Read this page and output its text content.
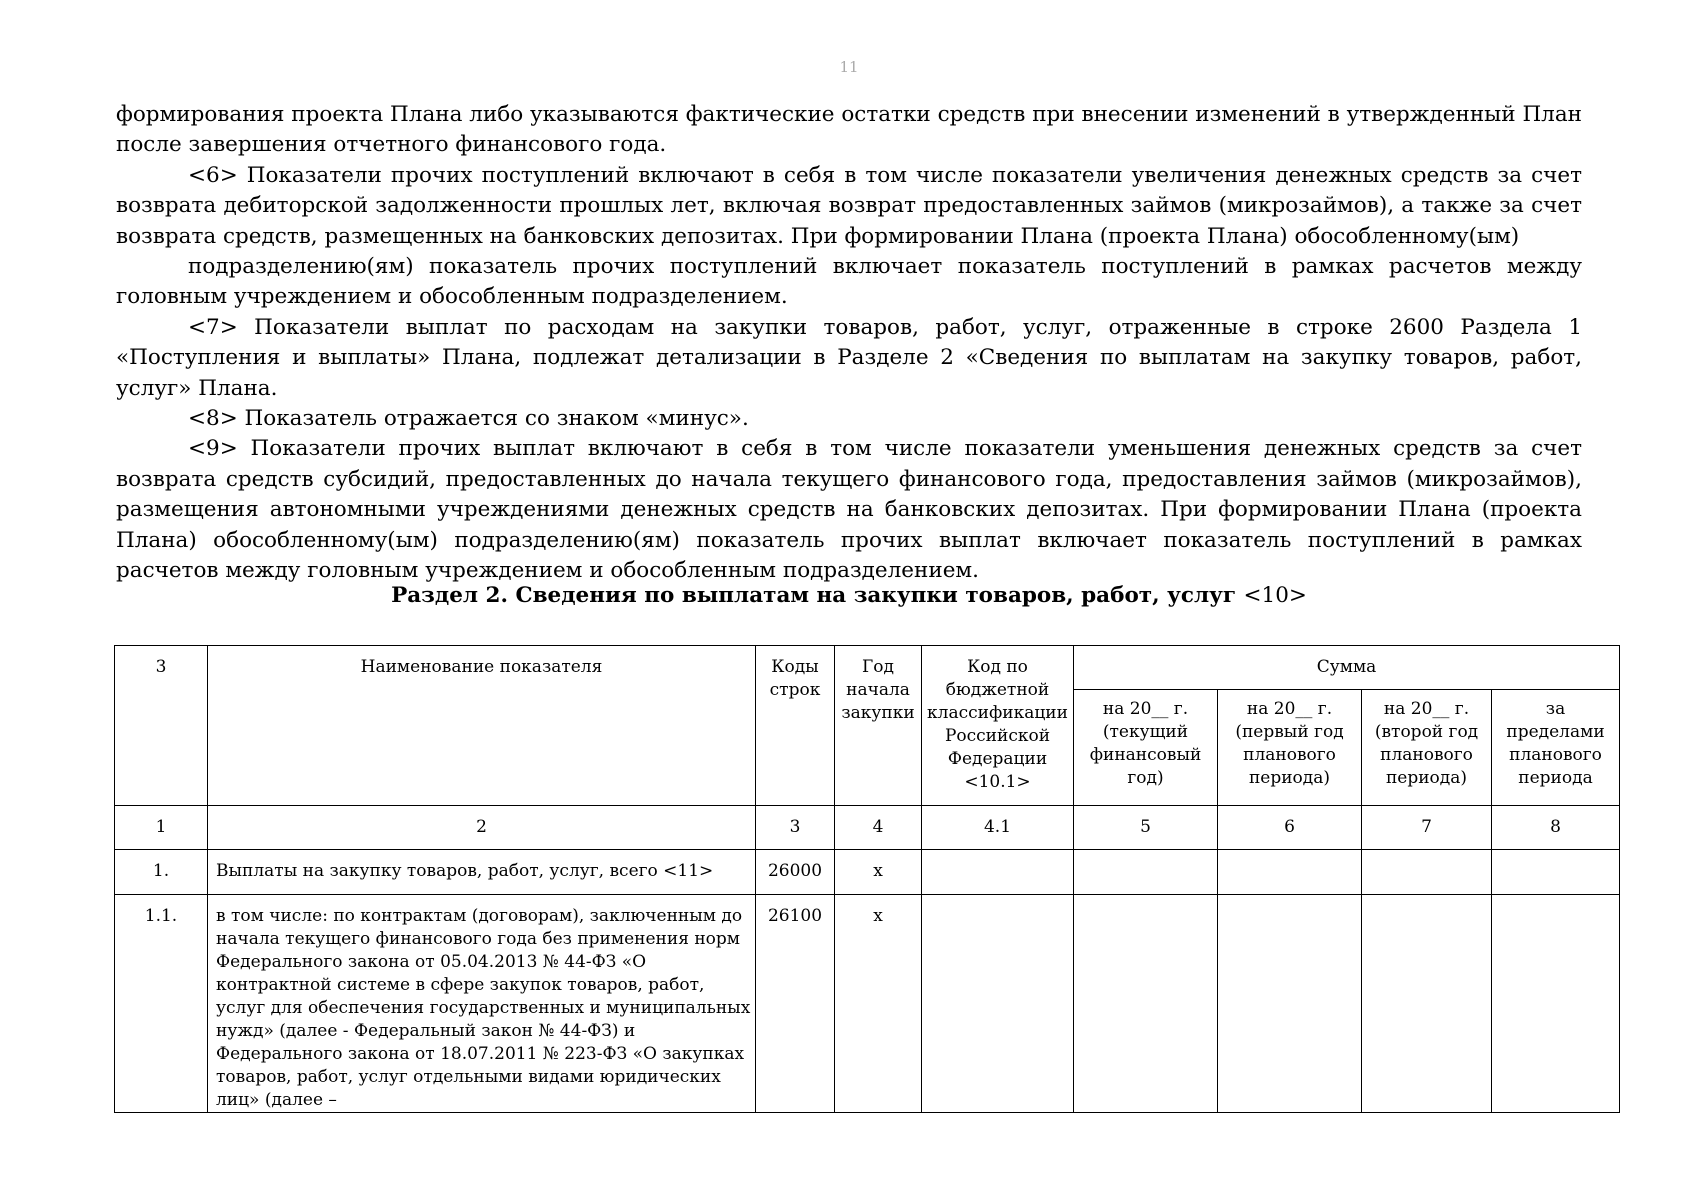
11

формирования проекта Плана либо указываются фактические остатки средств при внесении изменений в утвержденный План после завершения отчетного финансового года.

<6> Показатели прочих поступлений включают в себя в том числе показатели увеличения денежных средств за счет возврата дебиторской задолженности прошлых лет, включая возврат предоставленных займов (микрозаймов), а также за счет возврата средств, размещенных на банковских депозитах. При формировании Плана (проекта Плана) обособленному(ым)

подразделению(ям) показатель прочих поступлений включает показатель поступлений в рамках расчетов между головным учреждением и обособленным подразделением.

<7> Показатели выплат по расходам на закупки товаров, работ, услуг, отраженные в строке 2600 Раздела 1 «Поступления и выплаты» Плана, подлежат детализации в Разделе 2 «Сведения по выплатам на закупку товаров, работ, услуг» Плана.

<8> Показатель отражается со знаком «минус».

<9> Показатели прочих выплат включают в себя в том числе показатели уменьшения денежных средств за счет возврата средств субсидий, предоставленных до начала текущего финансового года, предоставления займов (микрозаймов), размещения автономными учреждениями денежных средств на банковских депозитах. При формировании Плана (проекта Плана) обособленному(ым) подразделению(ям) показатель прочих выплат включает показатель поступлений в рамках расчетов между головным учреждением и обособленным подразделением.

Раздел 2. Сведения по выплатам на закупки товаров, работ, услуг <10>
3	Наименование показателя	Коды строк	Год начала закупки	Код по бюджетной классификации Российской Федерации <10.1>	Сумма			
					на 20__ г. (текущий финансовый год)	на 20__ г. (первый год планового периода)	на 20__ г. (второй год планового периода)	за пределами планового периода
1	2	3	4	4.1	5	6	7	8
1.	Выплаты на закупку товаров, работ, услуг, всего <11>	26000	х					
1.1.	в том числе: по контрактам (договорам), заключенным до начала текущего финансового года без применения норм Федерального закона от 05.04.2013 № 44-ФЗ «О контрактной системе в сфере закупок товаров, работ, услуг для обеспечения государственных и муниципальных нужд» (далее - Федеральный закон № 44-ФЗ) и Федерального закона от 18.07.2011 № 223-ФЗ «О закупках товаров, работ, услуг отдельными видами юридических лиц» (далее –	26100	х					
